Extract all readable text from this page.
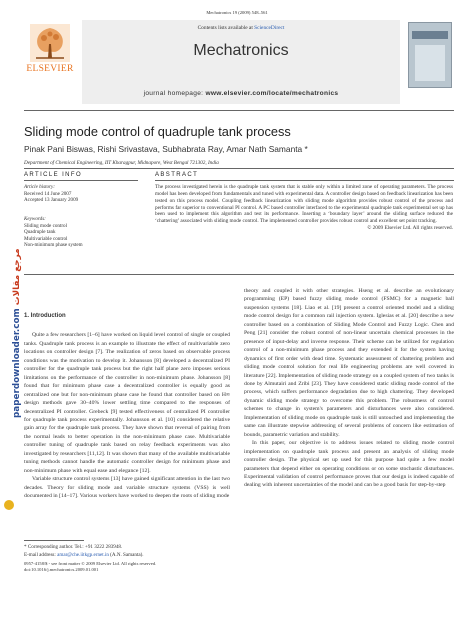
Mechatronics 19 (2009) 548–561
ELSEVIER
Contents lists available at ScienceDirect
Mechatronics
journal homepage: www.elsevier.com/locate/mechatronics
Sliding mode control of quadruple tank process
Pinak Pani Biswas, Rishi Srivastava, Subhabrata Ray, Amar Nath Samanta *
Department of Chemical Engineering, IIT Kharagpur, Midnapore, West Bengal 721302, India
ARTICLE INFO	ABSTRACT
Article history:
Received 14 June 2007
Accepted 13 January 2009
Keywords:
Sliding mode control
Quadruple tank
Multivariable control
Non-minimum phase system
The process investigated herein is the quadruple tank system that is stable only within a limited zone of operating parameters. The process model has been developed from fundamentals and tuned with experimental data. A controller design based on feedback linearization has been tested on this process model. Coupling feedback linearization with sliding mode algorithm provides robust control of the process and performs far superior to conventional PI control. A PC based controller interfaced to the experimental quadruple tank experimental set up has been used to implement this algorithm and test its performance. Inserting a ‘boundary layer’ around the sliding surface reduced the ‘chattering’ associated with sliding mode control. The implemented controller provides robust control and excellent set point tracking.
© 2009 Elsevier Ltd. All rights reserved.
1. Introduction

Quite a few researchers [1–6] have worked on liquid level control of single or coupled tanks. Quadruple tank process is an example to illustrate the effect of multivariable zero locations on controller design [7]. The realization of zeros based on observable process conditions was the motivation to develop it. Johansson [8] developed a decentralized PI controller for the quadruple tank process but the right half plane zero imposes serious limitations on the performance of the controller in non-minimum phase. Johansson [8] found that for minimum phase case a decentralized controller is equally good as centralized one but for non-minimum phase case he found that controller based on H∞ design methods gave 30–40% lower settling time compared to the responses of decentralized PI controller. Grebeck [9] tested effectiveness of centralized PI controller for quadruple tank process experimentally. Johansson et al. [10] considered the relative gain array for the quadruple tank process. They have shown that reversal of pairing from the normal leads to better operation in the non-minimum phase case. Multivariable controller tuning of quadruple tank based on relay feedback experiments was also investigated by researchers [11,12]. It was shown that many of the available multivariable tuning methods cannot handle the automatic controller design for minimum phase and non-minimum phase with equal ease and elegance [12].

Variable structure control systems [13] have gained significant attention in the last two decades. Theory for sliding mode and variable structure systems (VSS) is well documented in [14–17]. Various workers have worked to deepen the roots of sliding mode

theory and coupled it with other strategies. Hseng et al. describe an evolutionary programming (EP) based fuzzy sliding mode control (FSMC) for a magnetic ball suspension systems [18]. Liao et al. [19] present a control oriented model and a sliding mode control design for a common rail injection system. Iglesias et al. [20] describe a new controller based on a combination of Sliding Mode Control and Fuzzy Logic. Chen and Peng [21] consider the robust control of non-linear uncertain chemical processes in the presence of input-delay and inverse response. Their scheme can be utilized for regulation control of a non-minimum phase process and they extended it for the system having dynamics of first order with dead time. Systematic assessment of chattering problem and sliding mode control solution for real life engineering problems are well covered in literature [22]. Implementation of sliding mode strategy on a coupled system of two tanks is done by Almutairi and Zribi [23]. They have considered static sliding mode control of the process, which suffers performance degradation due to high chattering. They developed dynamic sliding mode strategy to overcome this problem. The robustness of control schemes to change in system's parameters and disturbances were also considered. Implementation of sliding mode on quadruple tank is still untouched and implementing the same can illustrate stepwise addressing of several problems of concern like estimation of bounds, parametric variation and stability.

In this paper, our objective is to address issues related to sliding mode control implementation on quadruple tank process and present an analysis of sliding mode controller design. The physical set up used for this purpose had quite a few model parameters that depend either on operating conditions or on some stochastic disturbances. Experimental validation of control performance proves that our design is indeed capable of dealing with inherent uncertainties of the model and can be a good basis for step-by-step

* Corresponding author. Tel.: +91 3222 283948.
E-mail address: amar@che.iitkgp.ernet.in (A.N. Samanta).
0957-4158/$ - see front matter © 2009 Elsevier Ltd. All rights reserved.
doi:10.1016/j.mechatronics.2009.01.001
paperdownloader.com مرجع مقالات
